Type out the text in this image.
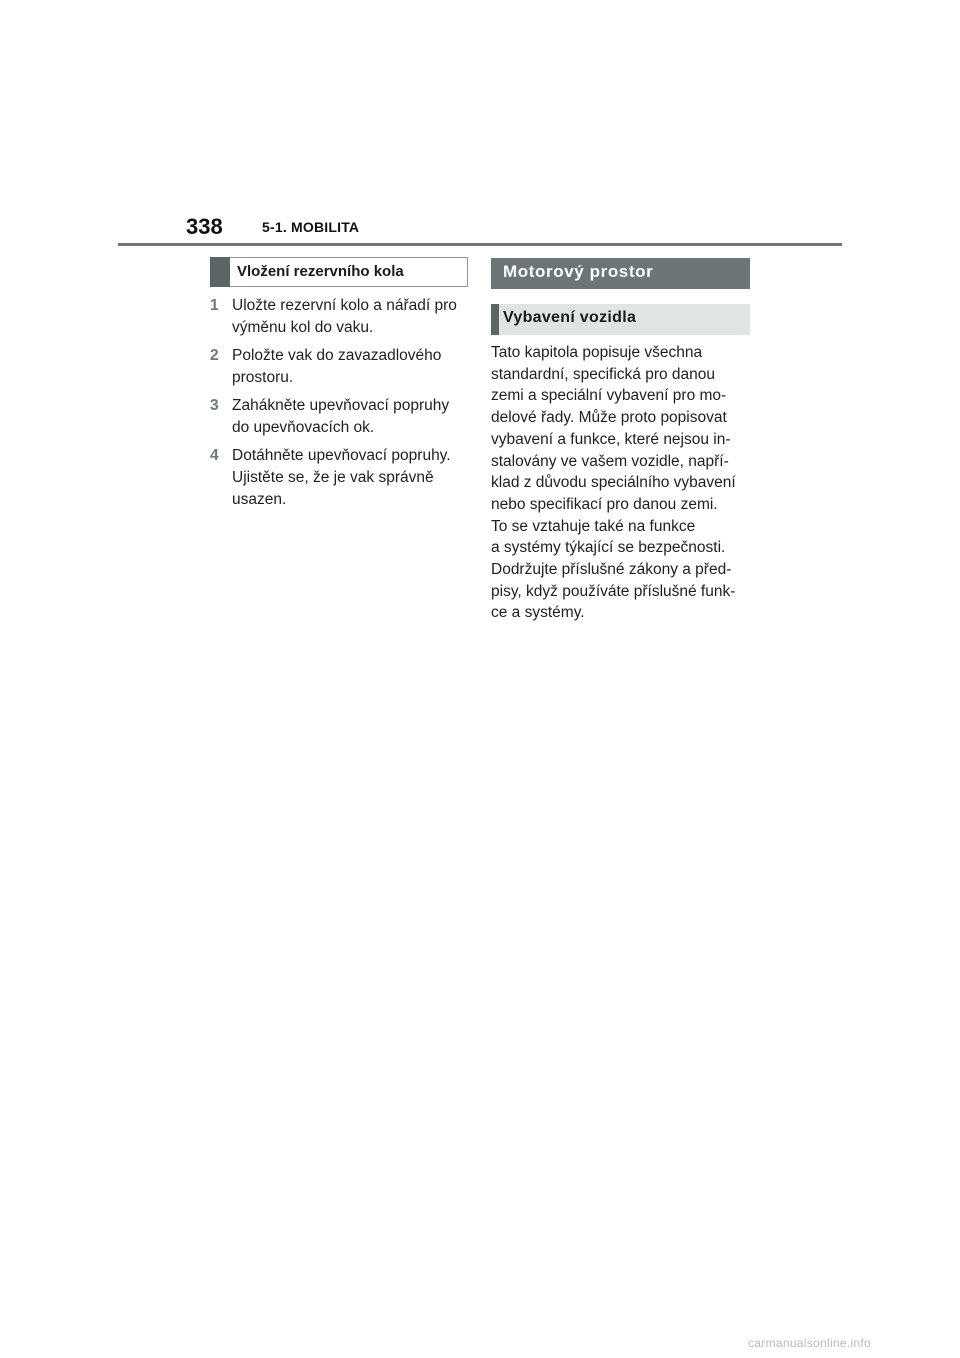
338	5-1. MOBILITA
Vložení rezervního kola
1 Uložte rezervní kolo a nářadí pro výměnu kol do vaku.
2 Položte vak do zavazadlového prostoru.
3 Zahákněte upevňovací popruhy do upevňovacích ok.
4 Dotáhněte upevňovací popruhy. Ujistěte se, že je vak správně usazen.
Motorový prostor
Vybavení vozidla
Tato kapitola popisuje všechna
standardní, specifická pro danou
zemi a speciální vybavení pro mo-
delové řady. Může proto popisovat
vybavení a funkce, které nejsou in-
stalovány ve vašem vozidle, napří-
klad z důvodu speciálního vybavení
nebo specifikací pro danou zemi.
To se vztahuje také na funkce
a systémy týkající se bezpečnosti.
Dodržujte příslušné zákony a před-
pisy, když používáte příslušné funk-
ce a systémy.
carmanualsonline.info
